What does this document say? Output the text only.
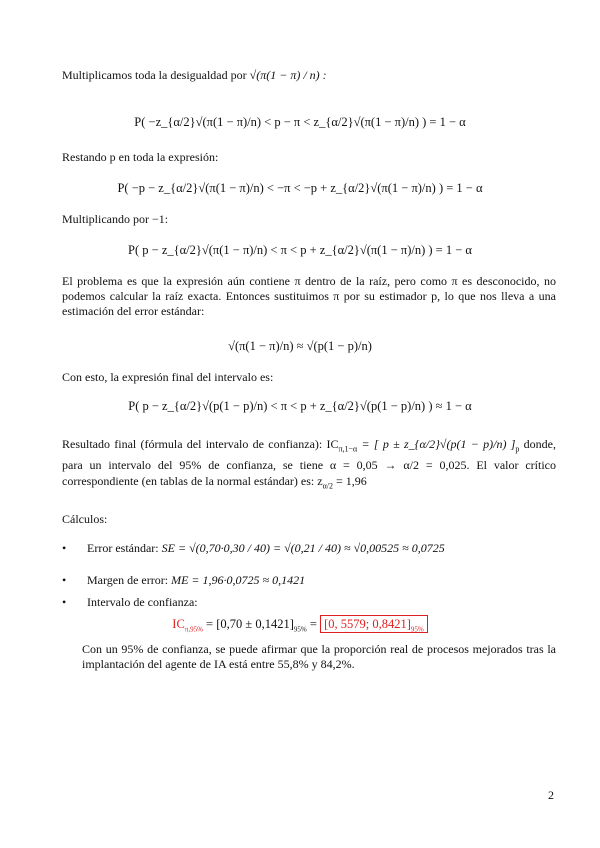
Multiplicamos toda la desigualdad por √(π(1 − π) / n) :
P( −z_{α/2}√(π(1 − π)/n) < p − π < z_{α/2}√(π(1 − π)/n) ) = 1 − α
Restando p en toda la expresión:
P( −p − z_{α/2}√(π(1 − π)/n) < −π < −p + z_{α/2}√(π(1 − π)/n) ) = 1 − α
Multiplicando por −1:
P( p − z_{α/2}√(π(1 − π)/n) < π < p + z_{α/2}√(π(1 − π)/n) ) = 1 − α
El problema es que la expresión aún contiene π dentro de la raíz, pero como π es desconocido, no podemos calcular la raíz exacta. Entonces sustituimos π por su estimador p, lo que nos lleva a una estimación del error estándar:
√(π(1 − π)/n) ≈ √(p(1 − p)/n)
Con esto, la expresión final del intervalo es:
P( p − z_{α/2}√(p(1 − p)/n) < π < p + z_{α/2}√(p(1 − p)/n) ) ≈ 1 − α
Resultado final (fórmula del intervalo de confianza): $IC_{\pi,1-\alpha}$ = [ p ± z_{α/2}√(p(1 − p)/n) ]$_p$ donde, para un intervalo del 95% de confianza, se tiene α = 0,05 → α/2 = 0,025. El valor crítico correspondiente (en tablas de la normal estándar) es: $z_{\alpha/2} = 1,96$
Cálculos:
• Error estándar: SE = √(0,70·0,30 / 40) = √(0,21 / 40) ≈ √0,00525 ≈ 0,0725
• Margen de error: ME = 1,96·0,0725 ≈ 0,1421
• Intervalo de confianza:
$IC_{\pi,95\%} = [0,70 \pm 0,1421]_{95\%} = [0$, 5579; $0,8421]_{95\%}$
Con un 95% de confianza, se puede afirmar que la proporción real de procesos mejorados tras la implantación del agente de IA está entre 55,8% y 84,2%.
2
